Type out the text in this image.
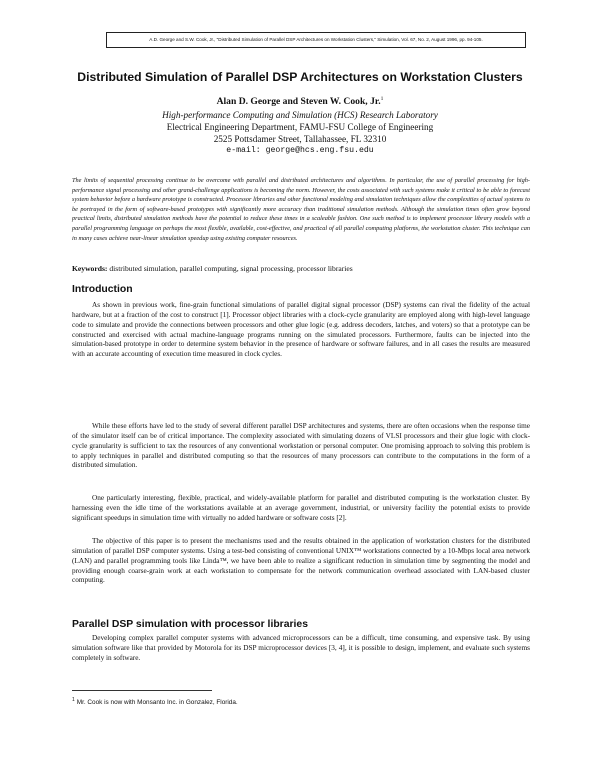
A.D. George and S.W. Cook, Jr., "Distributed Simulation of Parallel DSP Architectures on Workstation Clusters," Simulation, Vol. 67, No. 2, August 1996, pp. 94-105.
Distributed Simulation of Parallel DSP Architectures on Workstation Clusters
Alan D. George and Steven W. Cook, Jr.$^1$
High-performance Computing and Simulation (HCS) Research Laboratory
Electrical Engineering Department, FAMU-FSU College of Engineering
2525 Pottsdamer Street, Tallahassee, FL 32310
e-mail: george@hcs.eng.fsu.edu

The limits of sequential processing continue to be overcome with parallel and distributed architectures and algorithms. In particular, the use of parallel processing for high-performance signal processing and other grand-challenge applications is becoming the norm. However, the costs associated with such systems make it critical to be able to forecast system behavior before a hardware prototype is constructed. Processor libraries and other functional modeling and simulation techniques allow the complexities of actual systems to be portrayed in the form of software-based prototypes with significantly more accuracy than traditional simulation methods. Although the simulation times often grow beyond practical limits, distributed simulation methods have the potential to reduce these times in a scaleable fashion. One such method is to implement processor library models with a parallel programming language on perhaps the most flexible, available, cost-effective, and practical of all parallel computing platforms, the workstation cluster. This technique can in many cases achieve near-linear simulation speedup using existing computer resources.

Keywords: distributed simulation, parallel computing, signal processing, processor libraries

Introduction

As shown in previous work, fine-grain functional simulations of parallel digital signal processor (DSP) systems can rival the fidelity of the actual hardware, but at a fraction of the cost to construct [1]. Processor object libraries with a clock-cycle granularity are employed along with high-level language code to simulate and provide the connections between processors and other glue logic (e.g. address decoders, latches, and voters) so that a prototype can be constructed and exercised with actual machine-language programs running on the simulated processors. Furthermore, faults can be injected into the simulation-based prototype in order to determine system behavior in the presence of hardware or software failures, and in all cases the results are measured with an accurate accounting of execution time measured in clock cycles.

While these efforts have led to the study of several different parallel DSP architectures and systems, there are often occasions when the response time of the simulator itself can be of critical importance. The complexity associated with simulating dozens of VLSI processors and their glue logic with clock-cycle granularity is sufficient to tax the resources of any conventional workstation or personal computer. One promising approach to solving this problem is to apply techniques in parallel and distributed computing so that the resources of many processors can contribute to the computations in the form of a distributed simulation.

One particularly interesting, flexible, practical, and widely-available platform for parallel and distributed computing is the workstation cluster. By harnessing even the idle time of the workstations available at an average government, industrial, or university facility the potential exists to provide significant speedups in simulation time with virtually no added hardware or software costs [2].

The objective of this paper is to present the mechanisms used and the results obtained in the application of workstation clusters for the distributed simulation of parallel DSP computer systems. Using a test-bed consisting of conventional UNIX™ workstations connected by a 10-Mbps local area network (LAN) and parallel programming tools like Linda™, we have been able to realize a significant reduction in simulation time by segmenting the model and providing enough coarse-grain work at each workstation to compensate for the network communication overhead associated with LAN-based cluster computing.

Parallel DSP simulation with processor libraries

Developing complex parallel computer systems with advanced microprocessors can be a difficult, time consuming, and expensive task. By using simulation software like that provided by Motorola for its DSP microprocessor devices [3, 4], it is possible to design, implement, and evaluate such systems completely in software.

$^1$ Mr. Cook is now with Monsanto Inc. in Gonzalez, Florida.
